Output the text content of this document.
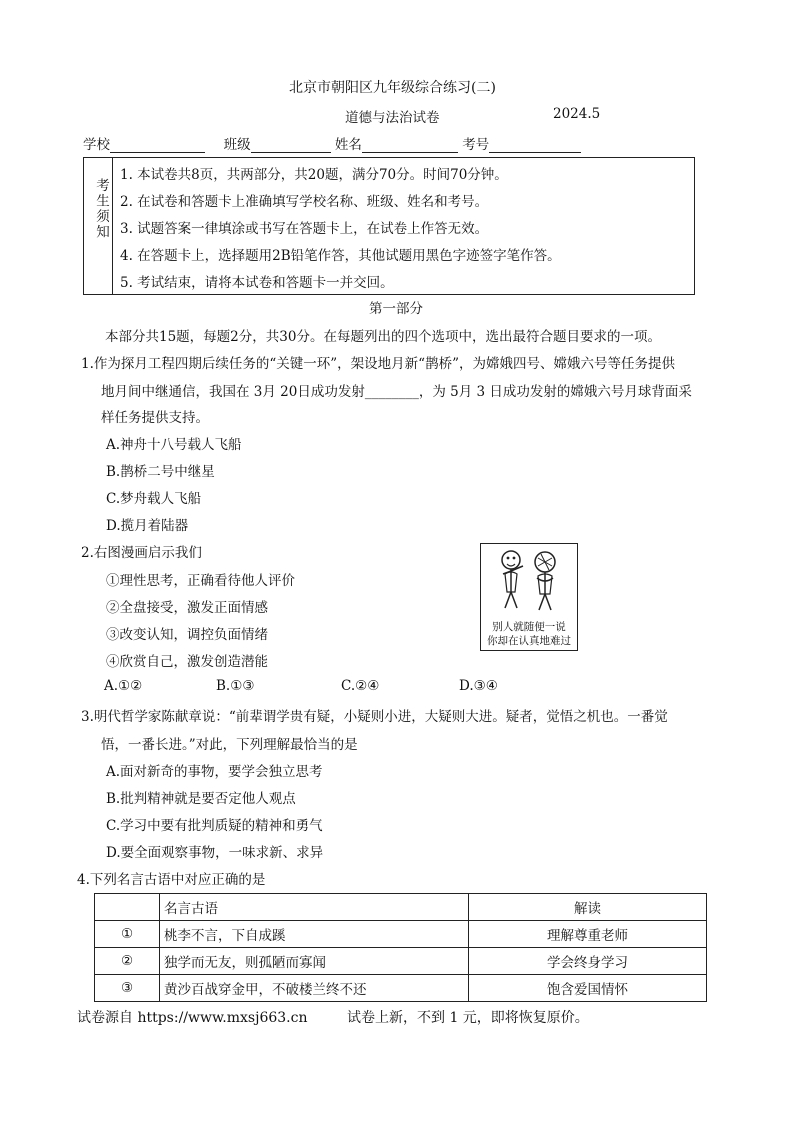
北京市朝阳区九年级综合练习(二)
道德与法治试卷	2024.5
学校	班级	姓名	考号
考生须知
1. 本试卷共8页，共两部分，共20题，满分70分。时间70分钟。
2. 在试卷和答题卡上准确填写学校名称、班级、姓名和考号。
3. 试题答案一律填涂或书写在答题卡上，在试卷上作答无效。
4. 在答题卡上，选择题用2B铅笔作答，其他试题用黑色字迹签字笔作答。
5. 考试结束，请将本试卷和答题卡一并交回。
第一部分
本部分共15题，每题2分，共30分。在每题列出的四个选项中，选出最符合题目要求的一项。
1.作为探月工程四期后续任务的“关键一环”，架设地月新“鹊桥”，为嫦娥四号、嫦娥六号等任务提供
地月间中继通信，我国在 3月 20日成功发射________，为 5月 3 日成功发射的嫦娥六号月球背面采
样任务提供支持。
A.神舟十八号载人飞船
B.鹊桥二号中继星
C.梦舟载人飞船
D.揽月着陆器
2.右图漫画启示我们
①理性思考，正确看待他人评价
②全盘接受，激发正面情感
③改变认知，调控负面情绪
④欣赏自己，激发创造潜能
A.①②	B.①③	C.②④	D.③④
别人就随便一说
你却在认真地难过
3.明代哲学家陈献章说：“前辈谓学贵有疑，小疑则小进，大疑则大进。疑者，觉悟之机也。一番觉
悟，一番长进。”对此，下列理解最恰当的是
A.面对新奇的事物，要学会独立思考
B.批判精神就是要否定他人观点
C.学习中要有批判质疑的精神和勇气
D.要全面观察事物，一味求新、求异
4.下列名言古语中对应正确的是
	名言古语	解读
①	桃李不言，下自成蹊	理解尊重老师
②	独学而无友，则孤陋而寡闻	学会终身学习
③	黄沙百战穿金甲，不破楼兰终不还	饱含爱国情怀
试卷源自 https://www.mxsj663.cn	试卷上新，不到 1 元，即将恢复原价。
